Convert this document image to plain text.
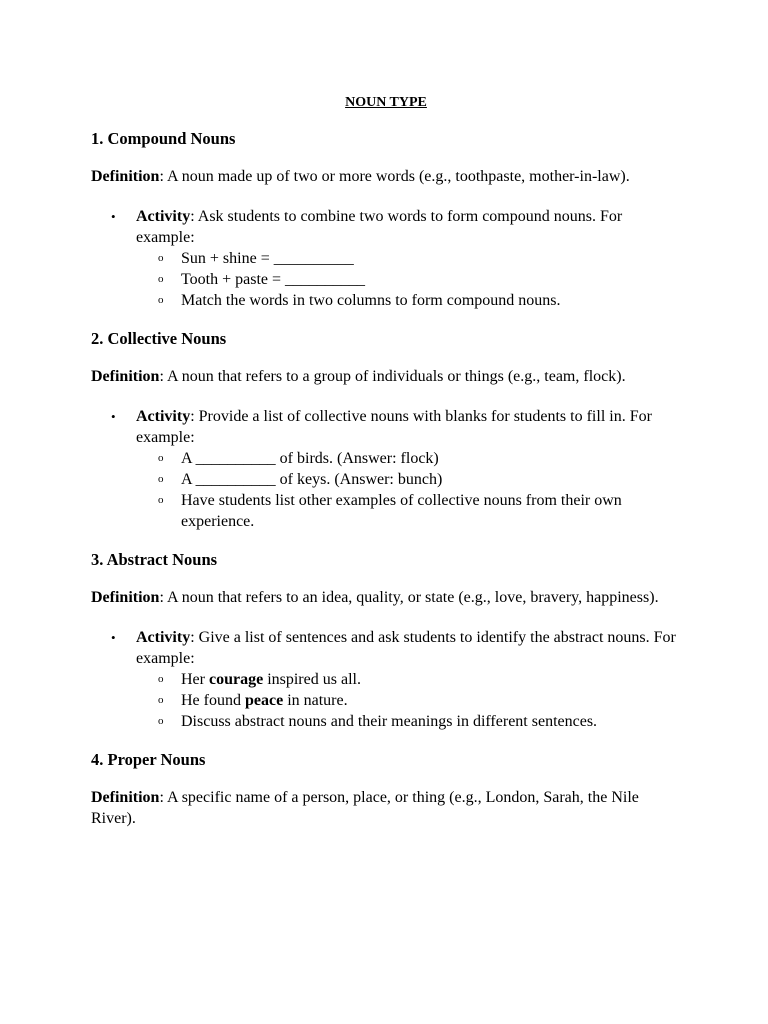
NOUN TYPE
1. Compound Nouns

Definition: A noun made up of two or more words (e.g., toothpaste, mother-in-law).

• Activity: Ask students to combine two words to form compound nouns. For example:
o Sun + shine = __________
o Tooth + paste = __________
o Match the words in two columns to form compound nouns.
2. Collective Nouns

Definition: A noun that refers to a group of individuals or things (e.g., team, flock).

• Activity: Provide a list of collective nouns with blanks for students to fill in. For example:
o A __________ of birds. (Answer: flock)
o A __________ of keys. (Answer: bunch)
o Have students list other examples of collective nouns from their own experience.
3. Abstract Nouns

Definition: A noun that refers to an idea, quality, or state (e.g., love, bravery, happiness).

• Activity: Give a list of sentences and ask students to identify the abstract nouns. For example:
o Her courage inspired us all.
o He found peace in nature.
o Discuss abstract nouns and their meanings in different sentences.
4. Proper Nouns

Definition: A specific name of a person, place, or thing (e.g., London, Sarah, the Nile River).
